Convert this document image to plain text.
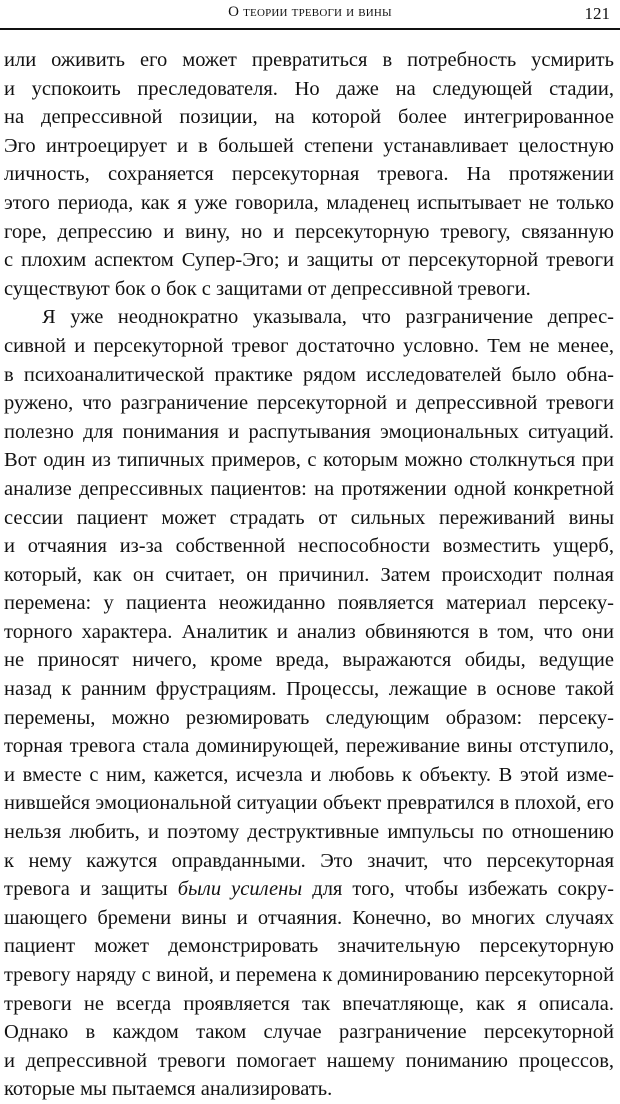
О теории тревоги и вины	121
или оживить его может превратиться в потребность усмирить
и успокоить преследователя. Но даже на следующей стадии,
на депрессивной позиции, на которой более интегрированное
Эго интроецирует и в большей степени устанавливает целостную
личность, сохраняется персекуторная тревога. На протяжении
этого периода, как я уже говорила, младенец испытывает не только
горе, депрессию и вину, но и персекуторную тревогу, связанную
с плохим аспектом Супер-Эго; и защиты от персекуторной тревоги
существуют бок о бок с защитами от депрессивной тревоги.
Я уже неоднократно указывала, что разграничение депрес-
сивной и персекуторной тревог достаточно условно. Тем не менее,
в психоаналитической практике рядом исследователей было обна-
ружено, что разграничение персекуторной и депрессивной тревоги
полезно для понимания и распутывания эмоциональных ситуаций.
Вот один из типичных примеров, с которым можно столкнуться при
анализе депрессивных пациентов: на протяжении одной конкретной
сессии пациент может страдать от сильных переживаний вины
и отчаяния из-за собственной неспособности возместить ущерб,
который, как он считает, он причинил. Затем происходит полная
перемена: у пациента неожиданно появляется материал персеку-
торного характера. Аналитик и анализ обвиняются в том, что они
не приносят ничего, кроме вреда, выражаются обиды, ведущие
назад к ранним фрустрациям. Процессы, лежащие в основе такой
перемены, можно резюмировать следующим образом: персеку-
торная тревога стала доминирующей, переживание вины отступило,
и вместе с ним, кажется, исчезла и любовь к объекту. В этой изме-
нившейся эмоциональной ситуации объект превратился в плохой, его
нельзя любить, и поэтому деструктивные импульсы по отношению
к нему кажутся оправданными. Это значит, что персекуторная
тревога и защиты были усилены для того, чтобы избежать сокру-
шающего бремени вины и отчаяния. Конечно, во многих случаях
пациент может демонстрировать значительную персекуторную
тревогу наряду с виной, и перемена к доминированию персекуторной
тревоги не всегда проявляется так впечатляюще, как я описала.
Однако в каждом таком случае разграничение персекуторной
и депрессивной тревоги помогает нашему пониманию процессов,
которые мы пытаемся анализировать.
